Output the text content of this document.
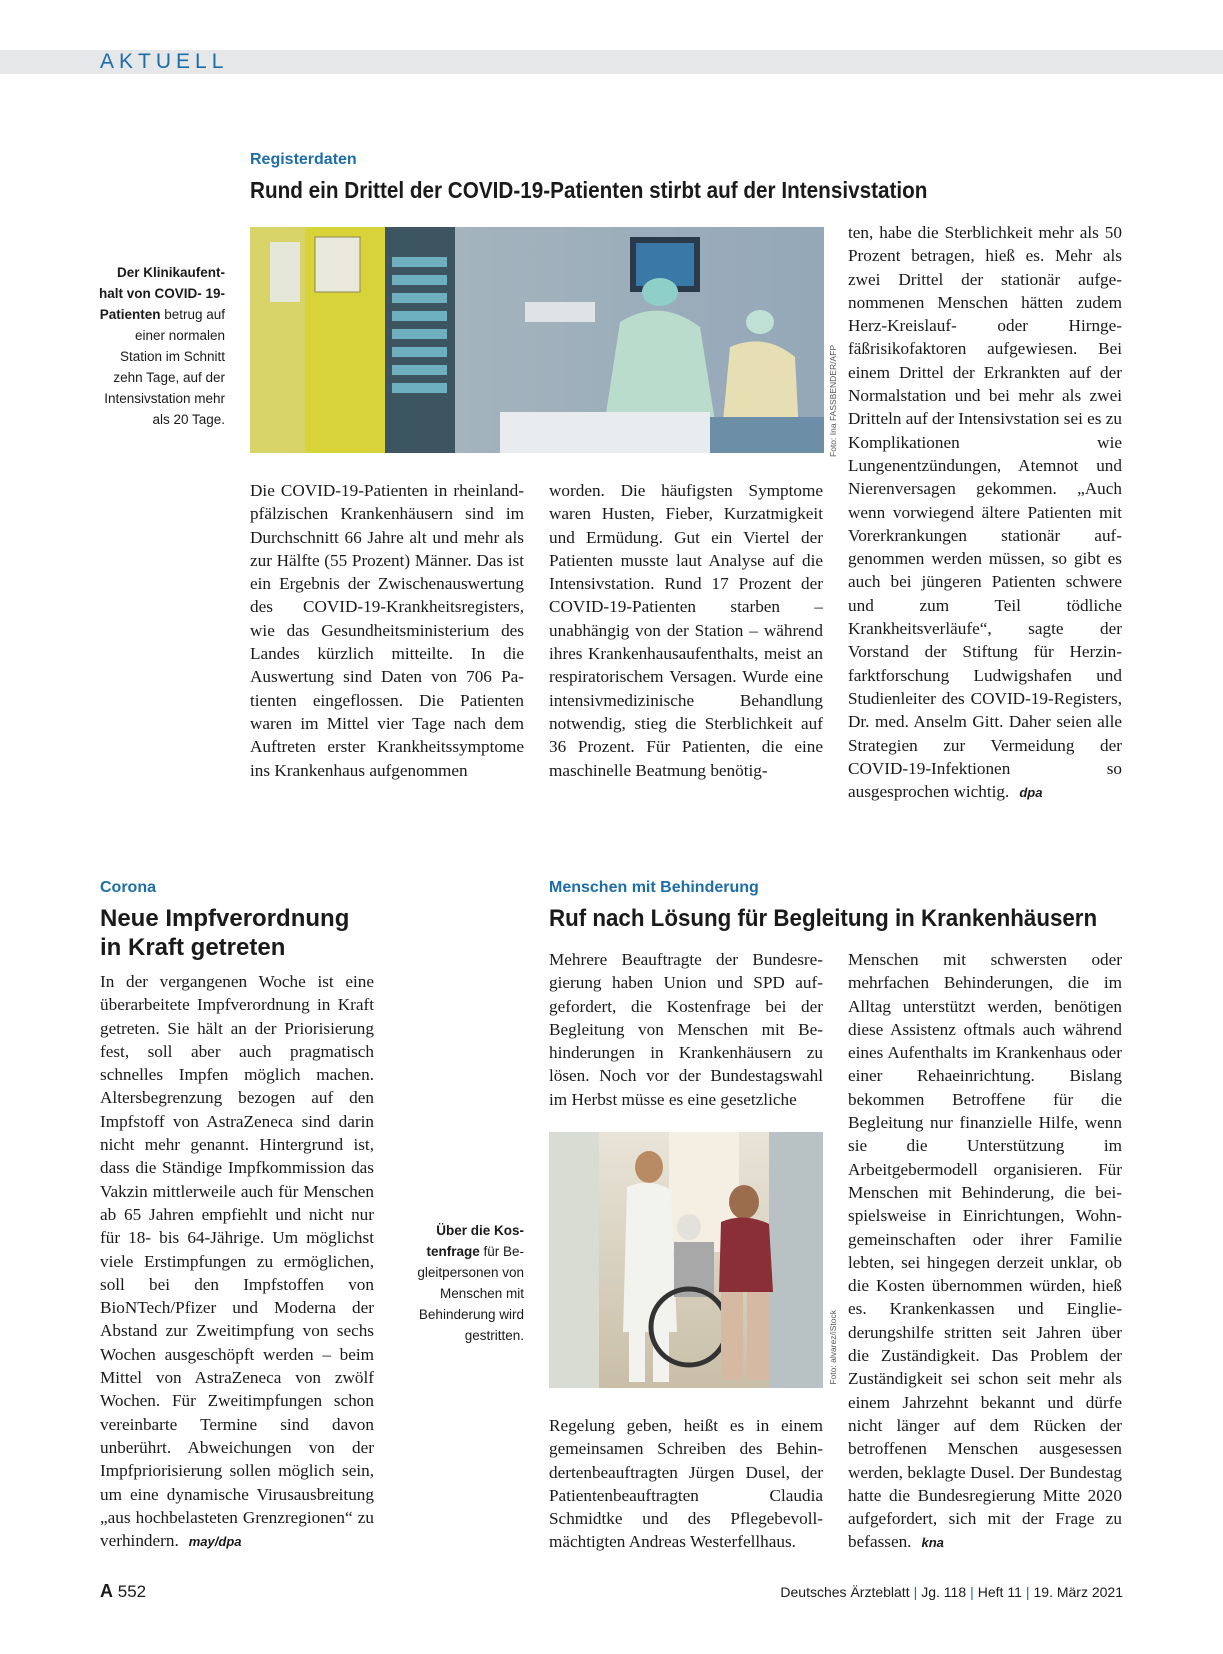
AKTUELL
Registerdaten
Rund ein Drittel der COVID-19-Patienten stirbt auf der Intensivstation
Der Klinikaufent- halt von COVID- 19-Patienten betrug auf einer normalen Station im Schnitt zehn Tage, auf der Intensivstation mehr als 20 Tage.	Foto: Ina FASSBENDER/AFP

Die COVID-19-Patienten in rheinland-pfälzischen Krankenhäusern sind im Durchschnitt 66 Jahre alt und mehr als zur Hälfte (55 Prozent) Männer. Das ist ein Ergebnis der Zwischenauswertung des COVID-19-Krankheitsregisters, wie das Gesundheitsministerium des Landes kürzlich mitteilte. In die Auswertung sind Daten von 706 Patienten eingeflossen. Die Patienten waren im Mittel vier Tage nach dem Auftreten erster Krankheitssymptome ins Krankenhaus aufgenommen

worden. Die häufigsten Symptome waren Husten, Fieber, Kurzatmigkeit und Ermüdung. Gut ein Viertel der Patienten musste laut Analyse auf die Intensivstation. Rund 17 Prozent der COVID-19-Patienten starben – unabhängig von der Station – während ihres Krankenhausaufenthalts, meist an respiratorischem Versagen. Wurde eine intensivmedizinische Behandlung notwendig, stieg die Sterblichkeit auf 36 Prozent. Für Patienten, die eine maschinelle Beatmung benötig-

ten, habe die Sterblichkeit mehr als 50 Prozent betragen, hieß es. Mehr als zwei Drittel der stationär aufgenommenen Menschen hätten zudem Herz-Kreislauf- oder Hirngefäßrisikofaktoren aufgewiesen. Bei einem Drittel der Erkrankten auf der Normalstation und bei mehr als zwei Dritteln auf der Intensivstation sei es zu Komplikationen wie Lungenentzündungen, Atemnot und Nierenversagen gekommen. „Auch wenn vorwiegend ältere Patienten mit Vorerkrankungen stationär aufgenommen werden müssen, so gibt es auch bei jüngeren Patienten schwere und zum Teil tödliche Krankheitsverläufe“, sagte der Vorstand der Stiftung für Herzinfarktforschung Ludwigshafen und Studienleiter des COVID-19-Registers, Dr. med. Anselm Gitt. Daher seien alle Strategien zur Vermeidung der COVID-19-Infektionen so ausgesprochen wichtig. dpa

Corona
Neue Impfverordnung
in Kraft getreten

In der vergangenen Woche ist eine überarbeitete Impfverordnung in Kraft getreten. Sie hält an der Priorisierung fest, soll aber auch pragmatisch schnelles Impfen möglich machen. Altersbegrenzung bezogen auf den Impfstoff von AstraZeneca sind darin nicht mehr genannt. Hintergrund ist, dass die Ständige Impfkommission das Vakzin mittlerweile auch für Menschen ab 65 Jahren empfiehlt und nicht nur für 18- bis 64-Jährige. Um möglichst viele Erstimpfungen zu ermöglichen, soll bei den Impfstoffen von BioNTech/Pfizer und Moderna der Abstand zur Zweitimpfung von sechs Wochen ausgeschöpft werden – beim Mittel von AstraZeneca von zwölf Wochen. Für Zweitimpfungen schon vereinbarte Termine sind davon unberührt. Abweichungen von der Impfpriorisierung sollen möglich sein, um eine dynamische Virusausbreitung „aus hochbelasteten Grenzregionen“ zu verhindern. may/dpa

Menschen mit Behinderung
Ruf nach Lösung für Begleitung in Krankenhäusern

Mehrere Beauftragte der Bundesregierung haben Union und SPD aufgefordert, die Kostenfrage bei der Begleitung von Menschen mit Behinderungen in Krankenhäusern zu lösen. Noch vor der Bundestagswahl im Herbst müsse es eine gesetzliche

Foto: alvarez/iStock
Über die Kostenfrage für Begleitpersonen von Menschen mit Behinderung wird gestritten.

Regelung geben, heißt es in einem gemeinsamen Schreiben des Behindertenbeauftragten Jürgen Dusel, der Patientenbeauftragten Claudia Schmidtke und des Pflegebevollmächtigten Andreas Westerfellhaus.

Menschen mit schwersten oder mehrfachen Behinderungen, die im Alltag unterstützt werden, benötigen diese Assistenz oftmals auch während eines Aufenthalts im Krankenhaus oder einer Rehaeinrichtung. Bislang bekommen Betroffene für die Begleitung nur finanzielle Hilfe, wenn sie die Unterstützung im Arbeitgebermodell organisieren. Für Menschen mit Behinderung, die beispielsweise in Einrichtungen, Wohngemeinschaften oder ihrer Familie lebten, sei hingegen derzeit unklar, ob die Kosten übernommen würden, hieß es. Krankenkassen und Eingliederungshilfe stritten seit Jahren über die Zuständigkeit. Das Problem der Zuständigkeit sei schon seit mehr als einem Jahrzehnt bekannt und dürfe nicht länger auf dem Rücken der betroffenen Menschen ausgesessen werden, beklagte Dusel. Der Bundestag hatte die Bundesregierung Mitte 2020 aufgefordert, sich mit der Frage zu befassen. kna

A 552	Deutsches Ärzteblatt | Jg. 118 | Heft 11 | 19. März 2021
